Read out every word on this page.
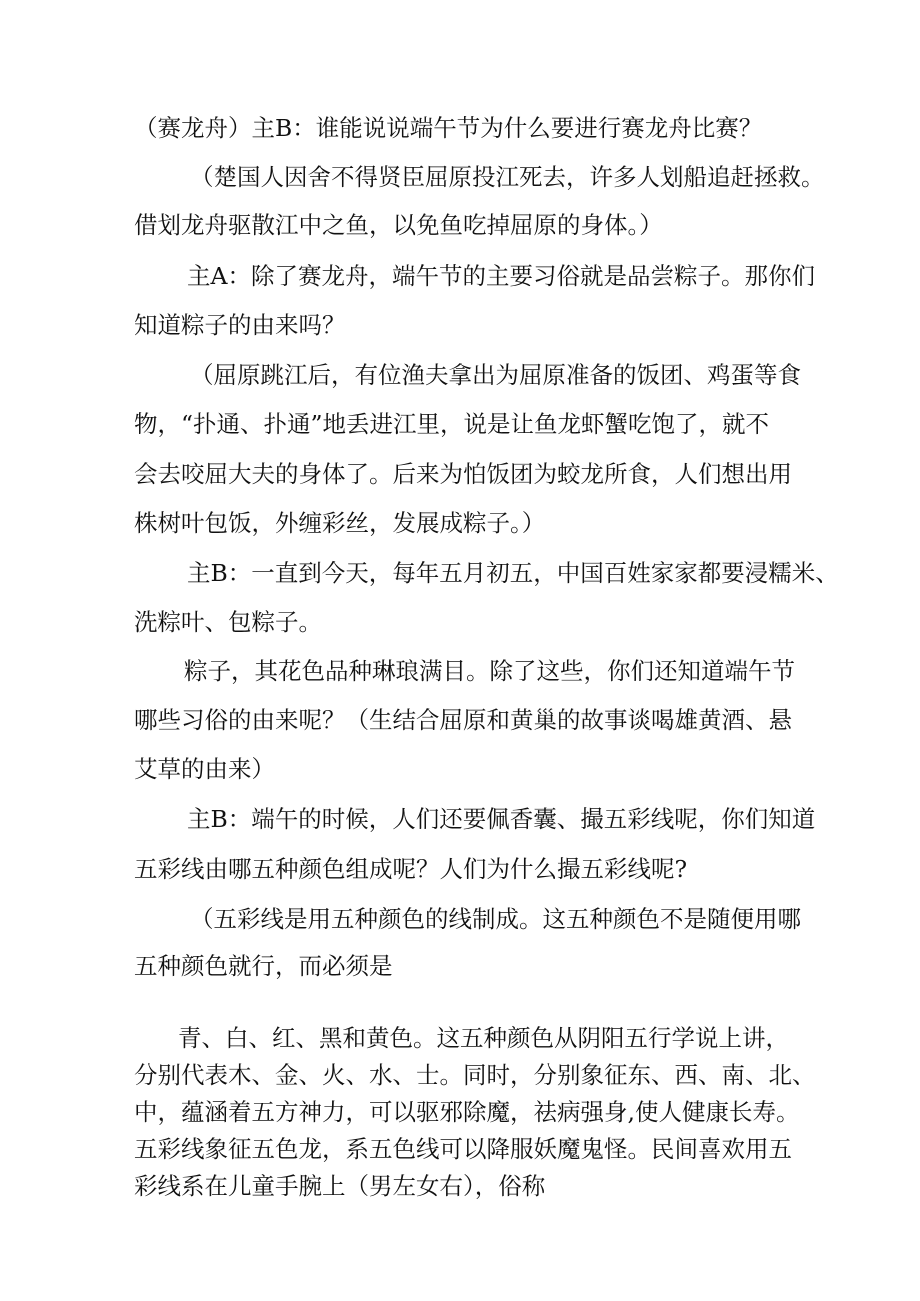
（赛龙舟）主B：谁能说说端午节为什么要进行赛龙舟比赛？

（楚国人因舍不得贤臣屈原投江死去，许多人划船追赶拯救。

借划龙舟驱散江中之鱼，以免鱼吃掉屈原的身体。）

主A：除了赛龙舟，端午节的主要习俗就是品尝粽子。那你们

知道粽子的由来吗？

（屈原跳江后，有位渔夫拿出为屈原准备的饭团、鸡蛋等食

物，“扑通、扑通”地丢进江里，说是让鱼龙虾蟹吃饱了，就不

会去咬屈大夫的身体了。后来为怕饭团为蛟龙所食，人们想出用

株树叶包饭，外缠彩丝，发展成粽子。）

主B：一直到今天，每年五月初五，中国百姓家家都要浸糯米、

洗粽叶、包粽子。

粽子，其花色品种琳琅满目。除了这些，你们还知道端午节

哪些习俗的由来呢？（生结合屈原和黄巢的故事谈喝雄黄酒、悬

艾草的由来）

主B：端午的时候，人们还要佩香囊、撮五彩线呢，你们知道

五彩线由哪五种颜色组成呢？人们为什么撮五彩线呢?

（五彩线是用五种颜色的线制成。这五种颜色不是随便用哪

五种颜色就行，而必须是

青、白、红、黑和黄色。这五种颜色从阴阳五行学说上讲，

分别代表木、金、火、水、士。同时，分别象征东、西、南、北、

中，蕴涵着五方神力，可以驱邪除魔，祛病强身,使人健康长寿。

五彩线象征五色龙，系五色线可以降服妖魔鬼怪。民间喜欢用五

彩线系在儿童手腕上（男左女右），俗称
